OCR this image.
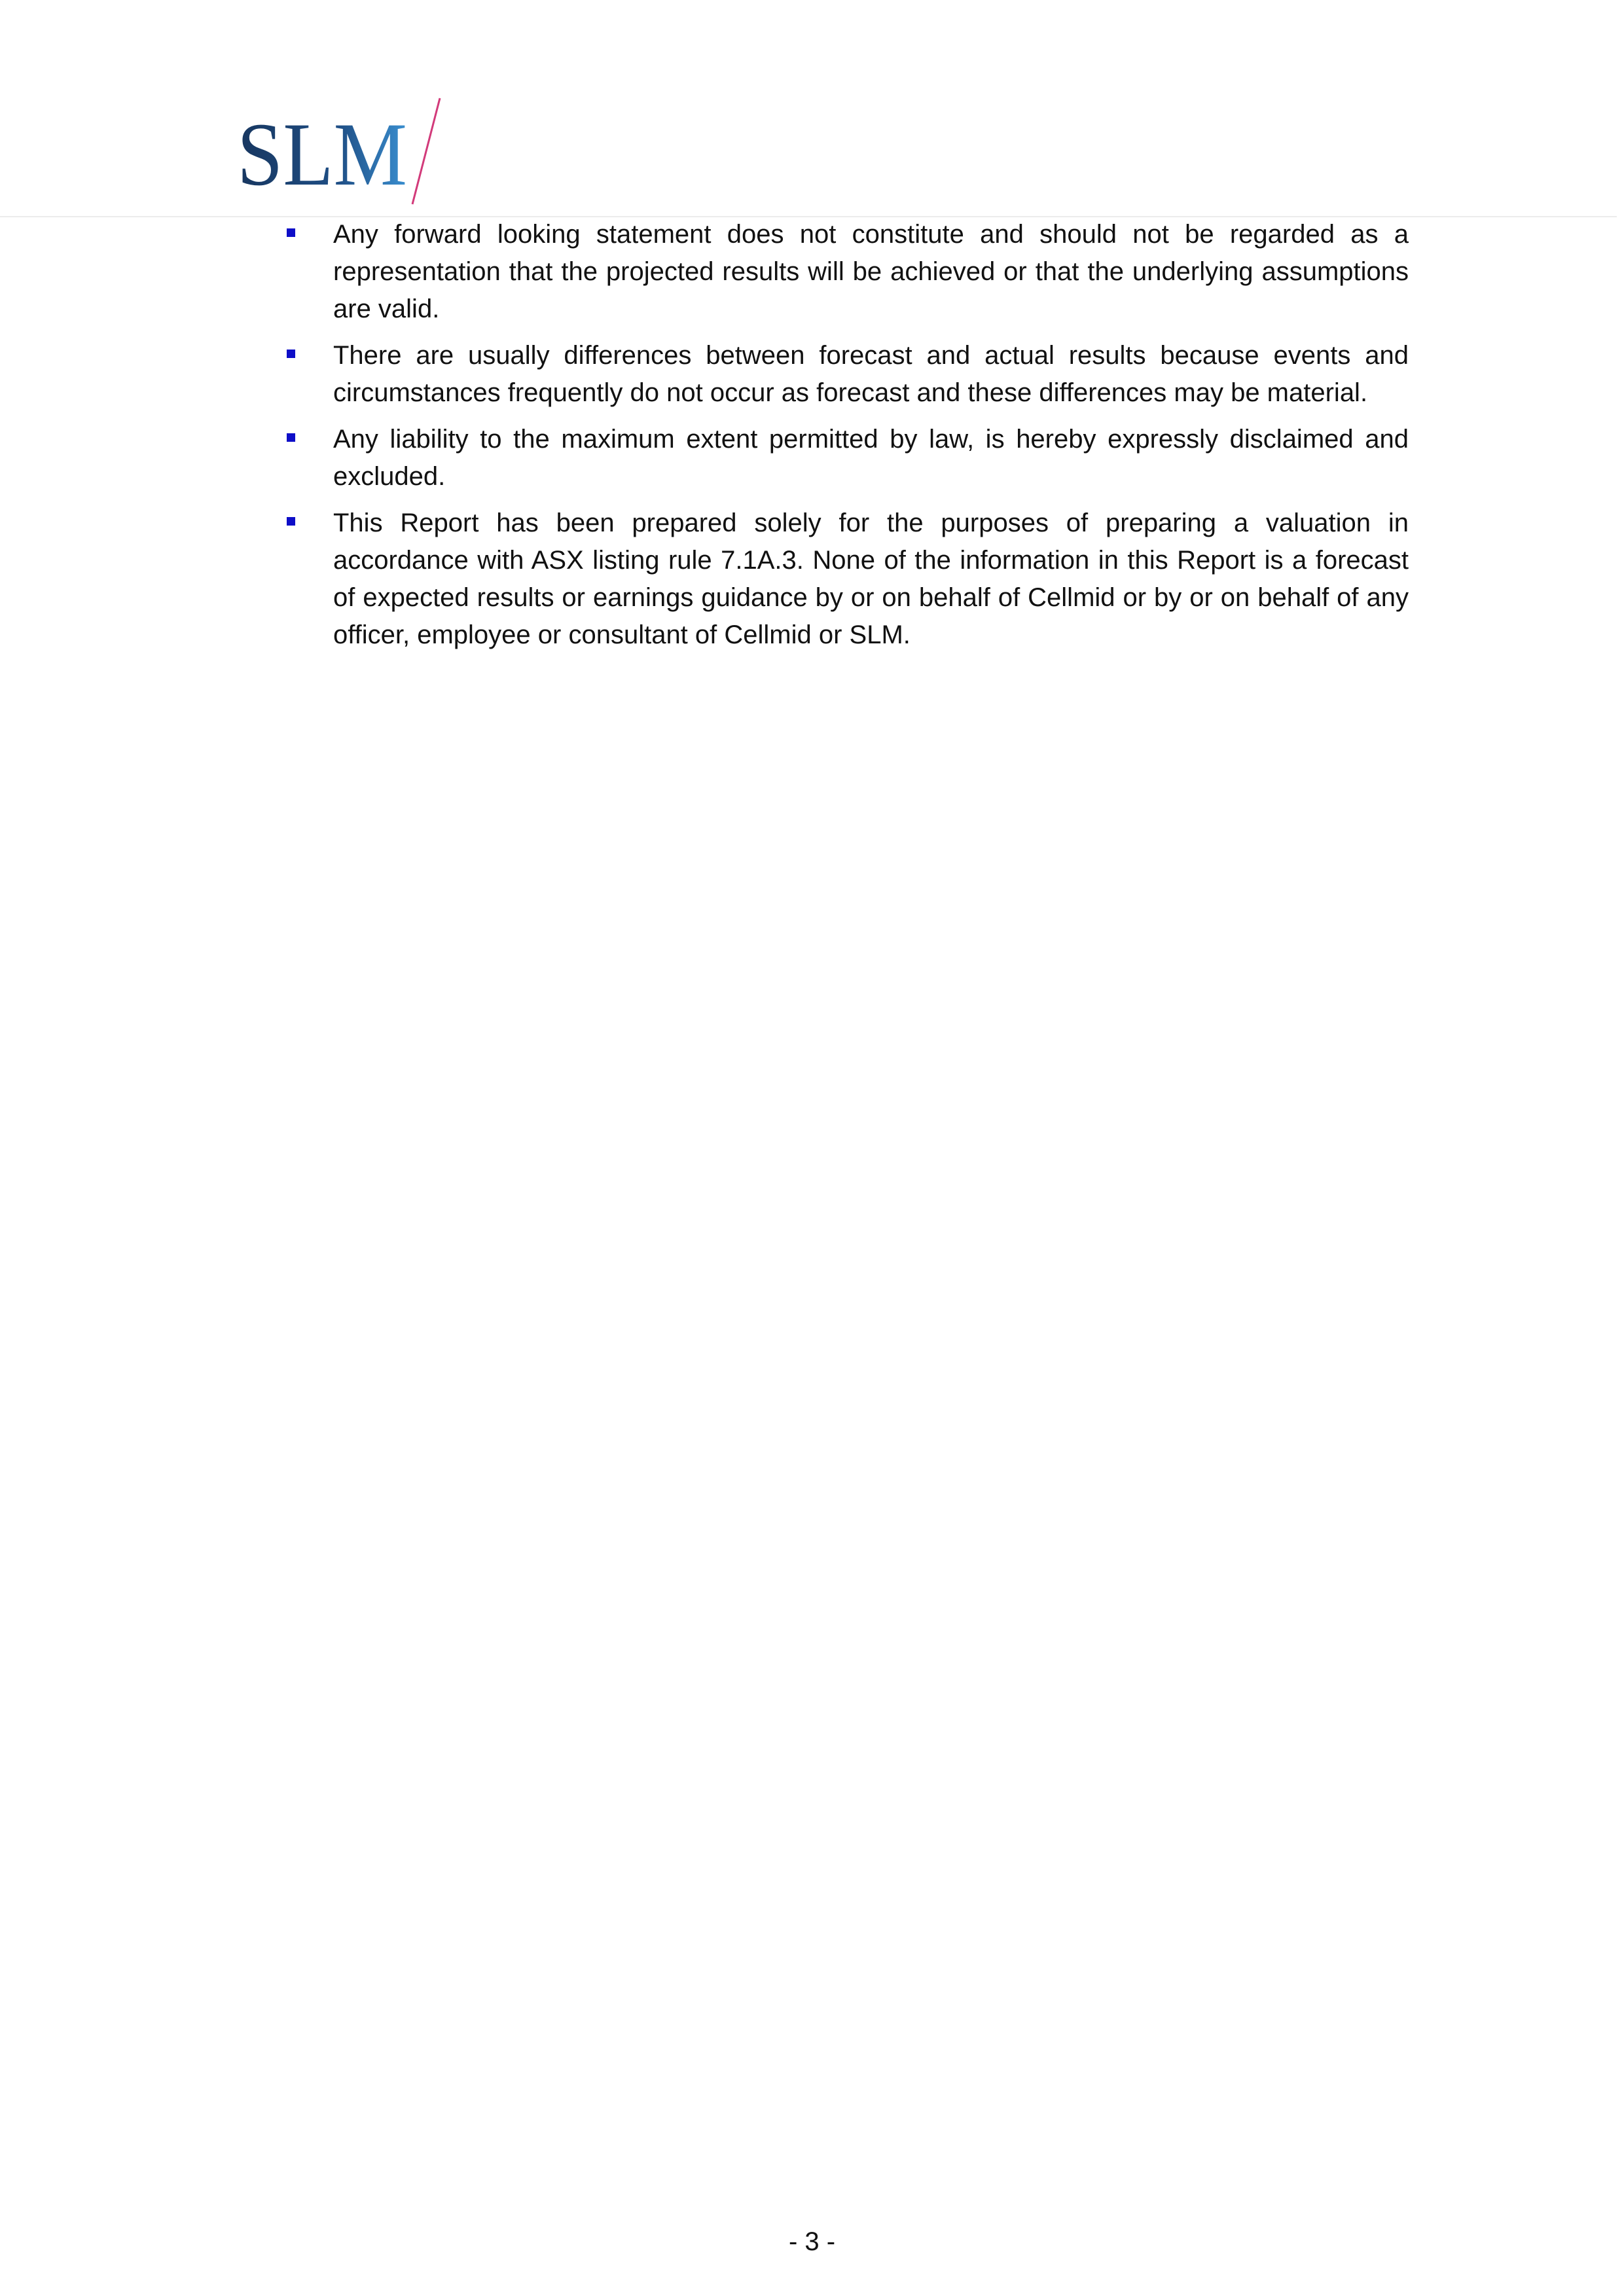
SLM
Any forward looking statement does not constitute and should not be regarded as a representation that the projected results will be achieved or that the underlying assumptions are valid.
There are usually differences between forecast and actual results because events and circumstances frequently do not occur as forecast and these differences may be material.
Any liability to the maximum extent permitted by law, is hereby expressly disclaimed and excluded.
This Report has been prepared solely for the purposes of preparing a valuation in accordance with ASX listing rule 7.1A.3. None of the information in this Report is a forecast of expected results or earnings guidance by or on behalf of Cellmid or by or on behalf of any officer, employee or consultant of Cellmid or SLM.
- 3 -
